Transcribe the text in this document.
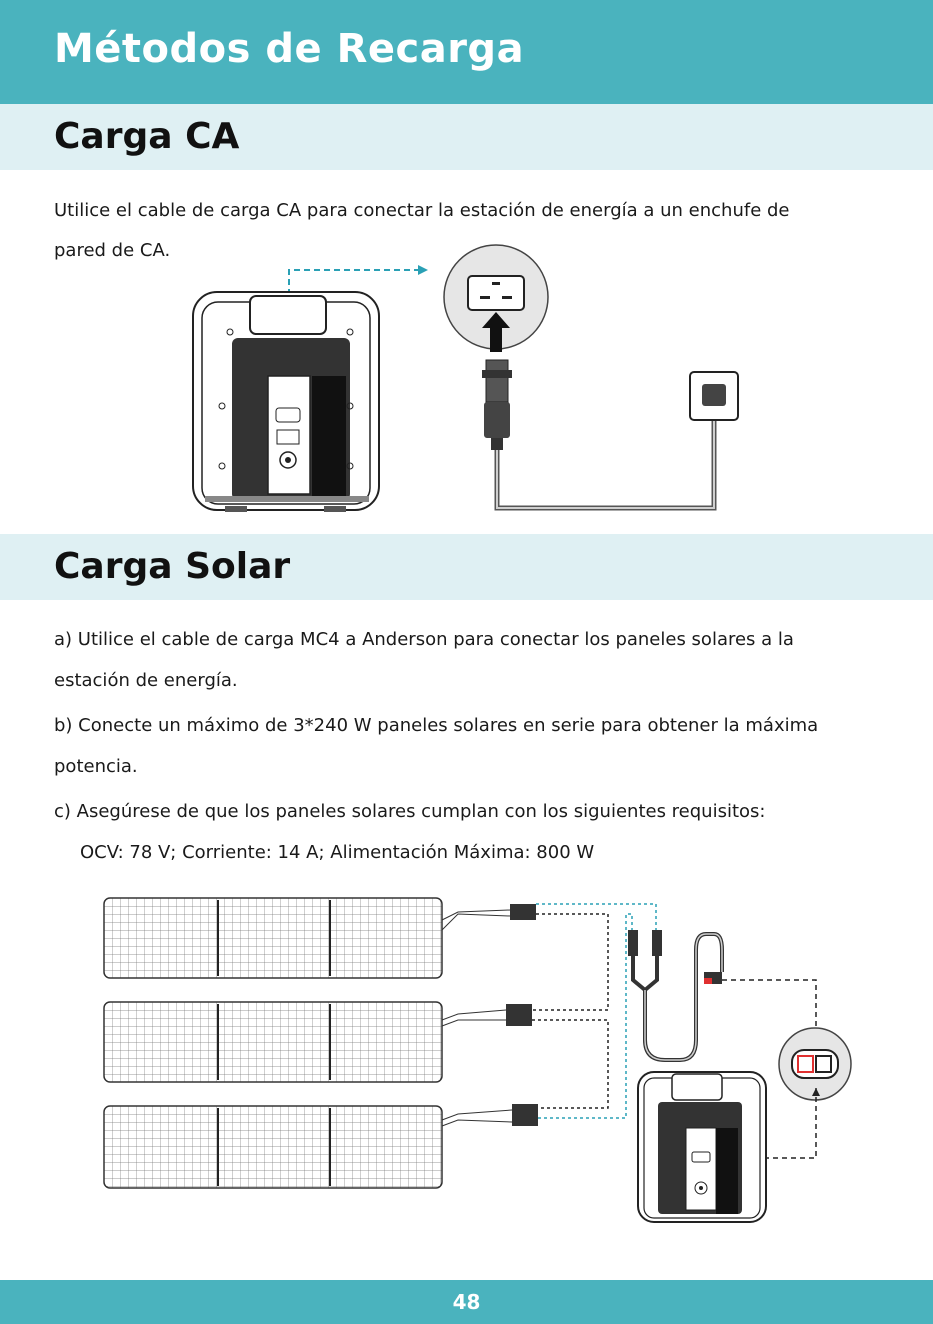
Métodos de Recarga
Carga CA

Utilice el cable de carga CA para conectar la estación de energía a un enchufe de

pared de CA.

Carga Solar

a) Utilice el cable de carga MC4 a Anderson para conectar los paneles solares a la

estación de energía.

b) Conecte un máximo de 3*240 W paneles solares en serie para obtener la máxima

potencia.

c) Asegúrese de que los paneles solares cumplan con los siguientes requisitos:

OCV: 78 V; Corriente: 14 A; Alimentación Máxima: 800 W

48
